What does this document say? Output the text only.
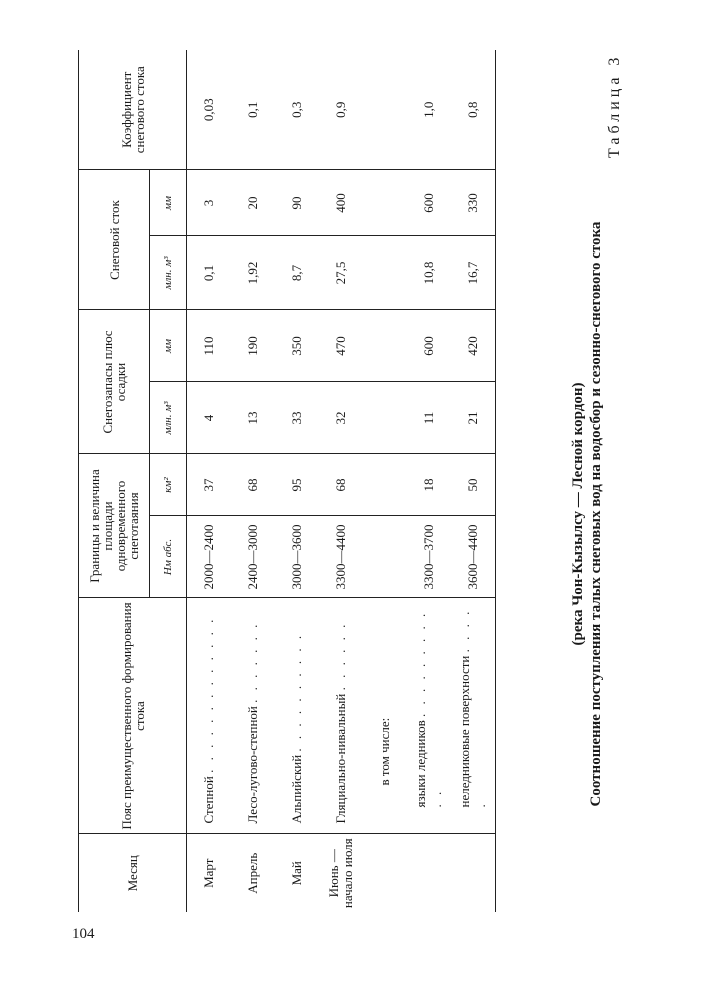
104
Таблица 3
Соотношение поступления талых снеговых вод на водосбор и сезонно-снегового стока
(река Чон-Кызылсу — Лесной кордон)
Месяц	Пояс преимущественного формирования стока	Границы и величина площади одновременного снеготаяния		Снегозапасы плюс осадки		Снеговой сток		Коэффициент снегового стока
		Нм абс.	км²	млн. м³	мм	млн. м³	мм	
Март	Степной . . . . . . . . . . . . .	2000—2400	37	4	110	0,1	3	0,03
Апрель	Лесо-лугово-степной . . . . . . .	2400—3000	68	13	190	1,92	20	0,1
Май	Альпийский . . . . . . . . . .	3000—3600	95	33	350	8,7	90	0,3
Июнь — начало июля	Гляциально-нивальный . . . . . .	3300—4400	68	32	470	27,5	400	0,9
	в том числе:							
	языки ледников . . . . . . . . . . .	3300—3700	18	11	600	10,8	600	1,0
	неледниковые поверхности . . . . .	3600—4400	50	21	420	16,7	330	0,8
